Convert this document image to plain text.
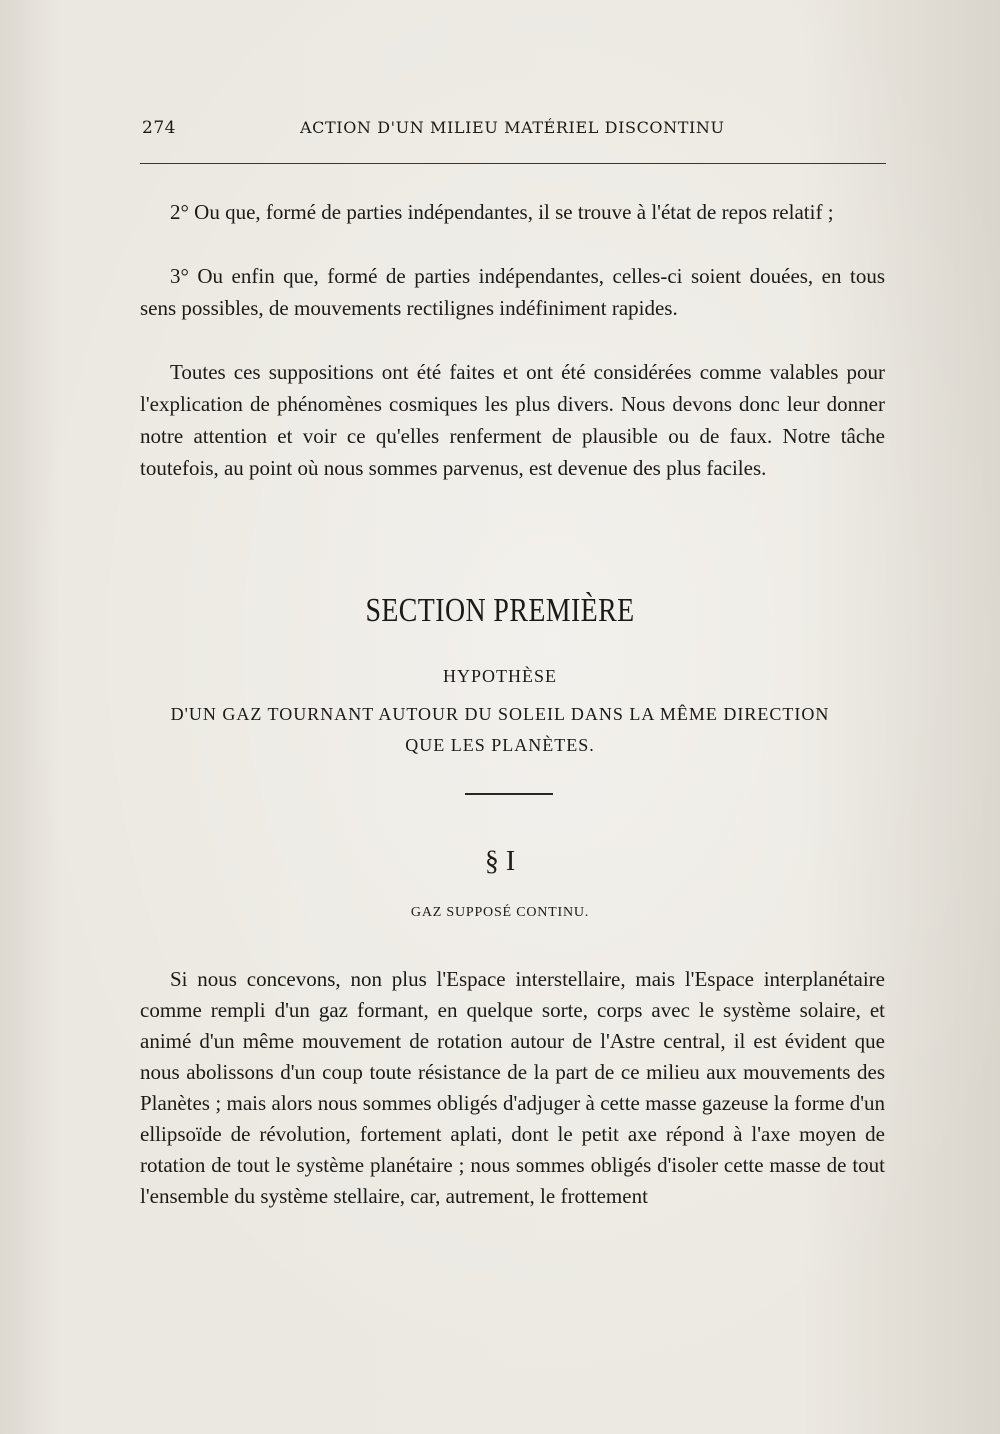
274	ACTION D'UN MILIEU MATÉRIEL DISCONTINU

2° Ou que, formé de parties indépendantes, il se trouve à l'état de repos relatif ;

3° Ou enfin que, formé de parties indépendantes, celles-ci soient douées, en tous sens possibles, de mouvements rectilignes indéfiniment rapides.

Toutes ces suppositions ont été faites et ont été considérées comme valables pour l'explication de phénomènes cosmiques les plus divers. Nous devons donc leur donner notre attention et voir ce qu'elles renferment de plausible ou de faux. Notre tâche toutefois, au point où nous sommes parvenus, est devenue des plus faciles.

SECTION PREMIÈRE
HYPOTHÈSE
D'UN GAZ TOURNANT AUTOUR DU SOLEIL DANS LA MÊME DIRECTION
QUE LES PLANÈTES.
§ I
GAZ SUPPOSÉ CONTINU.

Si nous concevons, non plus l'Espace interstellaire, mais l'Espace interplanétaire comme rempli d'un gaz formant, en quelque sorte, corps avec le système solaire, et animé d'un même mouvement de rotation autour de l'Astre central, il est évident que nous abolissons d'un coup toute résistance de la part de ce milieu aux mouvements des Planètes ; mais alors nous sommes obligés d'adjuger à cette masse gazeuse la forme d'un ellipsoïde de révolution, fortement aplati, dont le petit axe répond à l'axe moyen de rotation de tout le système planétaire ; nous sommes obligés d'isoler cette masse de tout l'ensemble du système stellaire, car, autrement, le frottement
